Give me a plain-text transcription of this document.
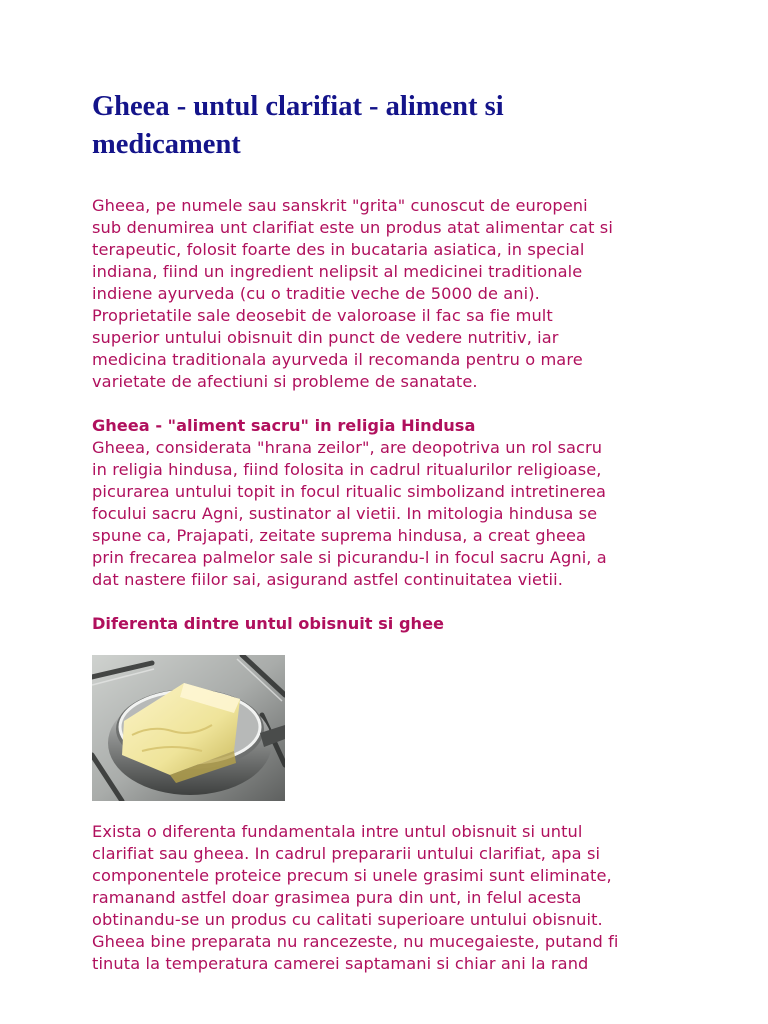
Gheea - untul clarifiat - aliment si medicament

Gheea, pe numele sau sanskrit "grita" cunoscut de europeni
sub denumirea unt clarifiat este un produs atat alimentar cat si
terapeutic, folosit foarte des in bucataria asiatica, in special
indiana, fiind un ingredient nelipsit al medicinei traditionale
indiene ayurveda (cu o traditie veche de 5000 de ani).
Proprietatile sale deosebit de valoroase il fac sa fie mult
superior untului obisnuit din punct de vedere nutritiv, iar
medicina traditionala ayurveda il recomanda pentru o mare
varietate de afectiuni si probleme de sanatate.

Gheea - "aliment sacru" in religia Hindusa

Gheea, considerata "hrana zeilor", are deopotriva un rol sacru
in religia hindusa, fiind folosita in cadrul ritualurilor religioase,
picurarea untului topit in focul ritualic simbolizand intretinerea
focului sacru Agni, sustinator al vietii. In mitologia hindusa se
spune ca, Prajapati, zeitate suprema hindusa, a creat gheea
prin frecarea palmelor sale si picurandu-l in focul sacru Agni, a
dat nastere fiilor sai, asigurand astfel continuitatea vietii.

Diferenta dintre untul obisnuit si ghee

Exista o diferenta fundamentala intre untul obisnuit si untul
clarifiat sau gheea. In cadrul prepararii untului clarifiat, apa si
componentele proteice precum si unele grasimi sunt eliminate,
ramanand astfel doar grasimea pura din unt, in felul acesta
obtinandu-se un produs cu calitati superioare untului obisnuit.
Gheea bine preparata nu rancezeste, nu mucegaieste, putand fi
tinuta la temperatura camerei saptamani si chiar ani la rand
